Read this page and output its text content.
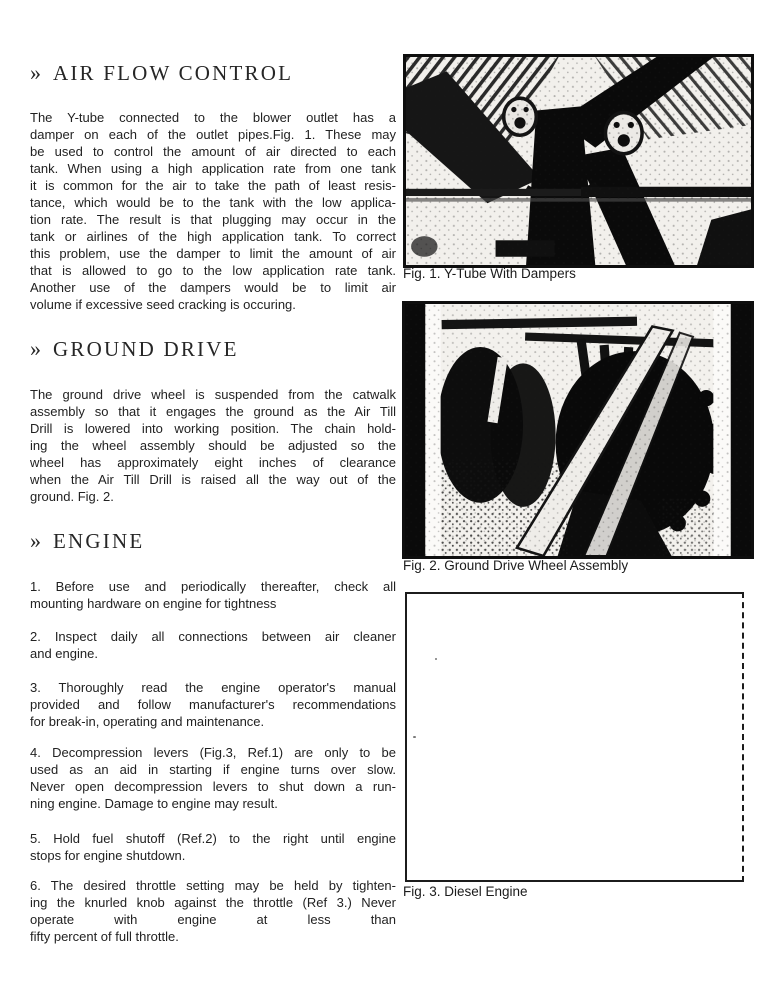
» AIR FLOW CONTROL
The Y-tube connected to the blower outlet has a
damper on each of the outlet pipes.Fig. 1. These may
be used to control the amount of air directed to each
tank. When using a high application rate from one tank
it is common for the air to take the path of least resis-
tance, which would be to the tank with the low applica-
tion rate. The result is that plugging may occur in the
tank or airlines of the high application tank. To correct
this problem, use the damper to limit the amount of air
that is allowed to go to the low application rate tank.
Another use of the dampers would be to limit air
volume if excessive seed cracking is occuring.
» GROUND DRIVE
The ground drive wheel is suspended from the catwalk
assembly so that it engages the ground as the Air Till
Drill is lowered into working position. The chain hold-
ing the wheel assembly should be adjusted so the
wheel has approximately eight inches of clearance
when the Air Till Drill is raised all the way out of the
ground. Fig. 2.
» ENGINE
1. Before use and periodically thereafter, check all
mounting hardware on engine for tightness
2. Inspect daily all connections between air cleaner
and engine.
3. Thoroughly read the engine operator's manual
provided and follow manufacturer's recommendations
for break-in, operating and maintenance.
4. Decompression levers (Fig.3, Ref.1) are only to be
used as an aid in starting if engine turns over slow.
Never open decompression levers to shut down a run-
ning engine. Damage to engine may result.
5. Hold fuel shutoff (Ref.2) to the right until engine
stops for engine shutdown.
6. The desired throttle setting may be held by tighten-
ing the knurled knob against the throttle (Ref 3.) Never
operate with engine at less than
fifty percent of full throttle.
Fig. 1. Y-Tube With Dampers
Fig. 2. Ground Drive Wheel Assembly
Fig. 3. Diesel Engine
